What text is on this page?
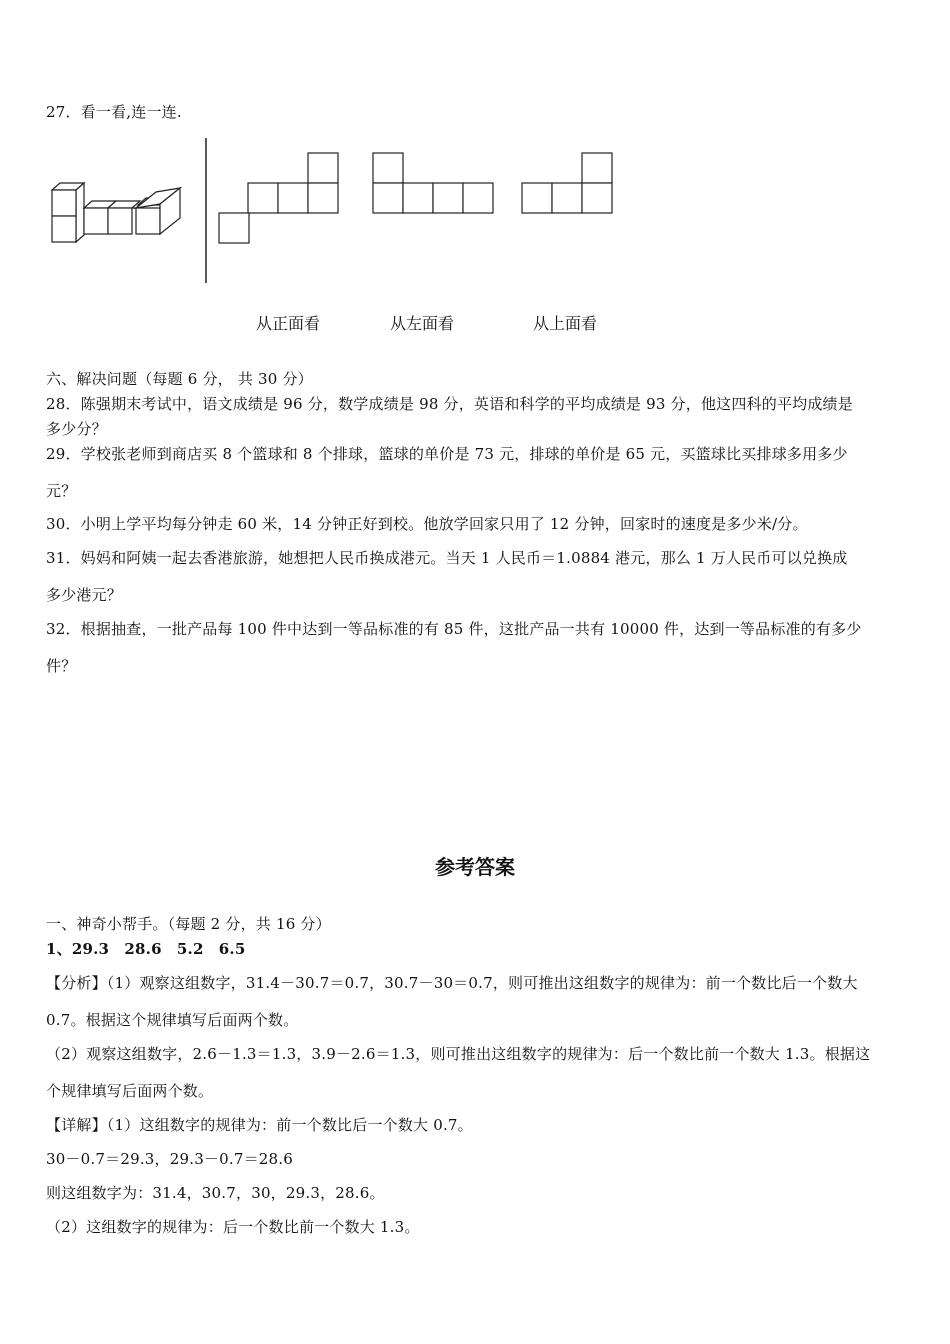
27．看一看,连一连.
从正面看	从左面看	从上面看
六、解决问题（每题 6 分， 共 30 分）
28．陈强期末考试中，语文成绩是 96 分，数学成绩是 98 分，英语和科学的平均成绩是 93 分，他这四科的平均成绩是
多少分？
29．学校张老师到商店买 8 个篮球和 8 个排球，篮球的单价是 73 元，排球的单价是 65 元，买篮球比买排球多用多少
元？
30．小明上学平均每分钟走 60 米，14 分钟正好到校。他放学回家只用了 12 分钟，回家时的速度是多少米/分。
31．妈妈和阿姨一起去香港旅游，她想把人民币换成港元。当天 1 人民币＝1.0884 港元，那么 1 万人民币可以兑换成
多少港元？
32．根据抽查，一批产品每 100 件中达到一等品标准的有 85 件，这批产品一共有 10000 件，达到一等品标准的有多少
件？
参考答案
一、神奇小帮手。（每题 2 分，共 16 分）
1、29.3　28.6　5.2　6.5
【分析】（1）观察这组数字，31.4－30.7＝0.7，30.7－30＝0.7，则可推出这组数字的规律为：前一个数比后一个数大
0.7。根据这个规律填写后面两个数。
（2）观察这组数字，2.6－1.3＝1.3，3.9－2.6＝1.3，则可推出这组数字的规律为：后一个数比前一个数大 1.3。根据这
个规律填写后面两个数。
【详解】（1）这组数字的规律为：前一个数比后一个数大 0.7。
30－0.7＝29.3，29.3－0.7＝28.6
则这组数字为：31.4，30.7，30，29.3，28.6。
（2）这组数字的规律为：后一个数比前一个数大 1.3。
